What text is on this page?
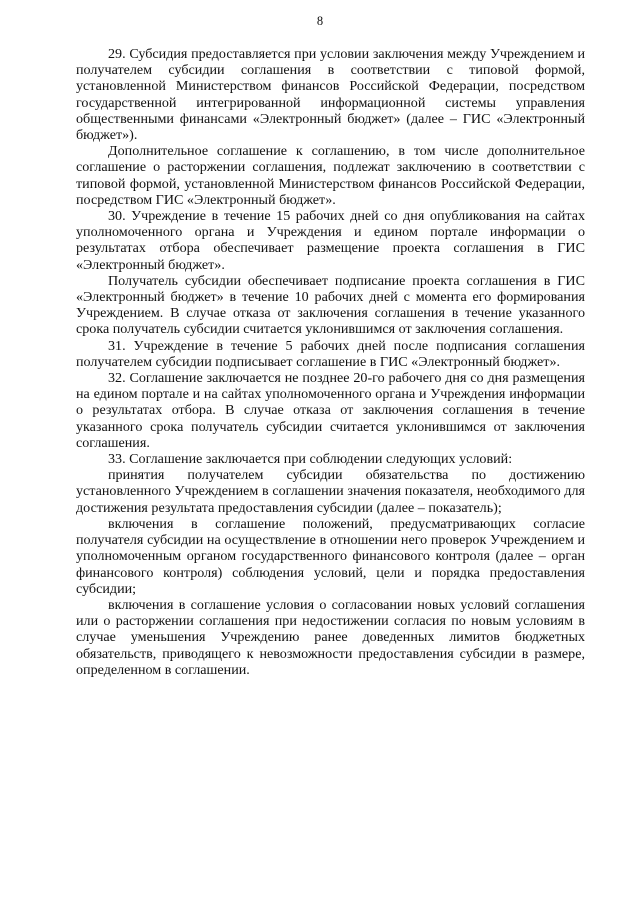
8

29. Субсидия предоставляется при условии заключения между Учреждением и получателем субсидии соглашения в соответствии с типовой формой, установленной Министерством финансов Российской Федерации, посредством государственной интегрированной информационной системы управления общественными финансами «Электронный бюджет» (далее – ГИС «Электронный бюджет»).

Дополнительное соглашение к соглашению, в том числе дополнительное соглашение о расторжении соглашения, подлежат заключению в соответствии с типовой формой, установленной Министерством финансов Российской Федерации, посредством ГИС «Электронный бюджет».

30. Учреждение в течение 15 рабочих дней со дня опубликования на сайтах уполномоченного органа и Учреждения и едином портале информации о результатах отбора обеспечивает размещение проекта соглашения в ГИС «Электронный бюджет».

Получатель субсидии обеспечивает подписание проекта соглашения в ГИС «Электронный бюджет» в течение 10 рабочих дней с момента его формирования Учреждением. В случае отказа от заключения соглашения в течение указанного срока получатель субсидии считается уклонившимся от заключения соглашения.

31. Учреждение в течение 5 рабочих дней после подписания соглашения получателем субсидии подписывает соглашение в ГИС «Электронный бюджет».

32. Соглашение заключается не позднее 20-го рабочего дня со дня размещения на едином портале и на сайтах уполномоченного органа и Учреждения информации о результатах отбора. В случае отказа от заключения соглашения в течение указанного срока получатель субсидии считается уклонившимся от заключения соглашения.

33. Соглашение заключается при соблюдении следующих условий:

принятия получателем субсидии обязательства по достижению установленного Учреждением в соглашении значения показателя, необходимого для достижения результата предоставления субсидии (далее – показатель);

включения в соглашение положений, предусматривающих согласие получателя субсидии на осуществление в отношении него проверок Учреждением и уполномоченным органом государственного финансового контроля (далее – орган финансового контроля) соблюдения условий, цели и порядка предоставления субсидии;

включения в соглашение условия о согласовании новых условий соглашения или о расторжении соглашения при недостижении согласия по новым условиям в случае уменьшения Учреждению ранее доведенных лимитов бюджетных обязательств, приводящего к невозможности предоставления субсидии в размере, определенном в соглашении.
